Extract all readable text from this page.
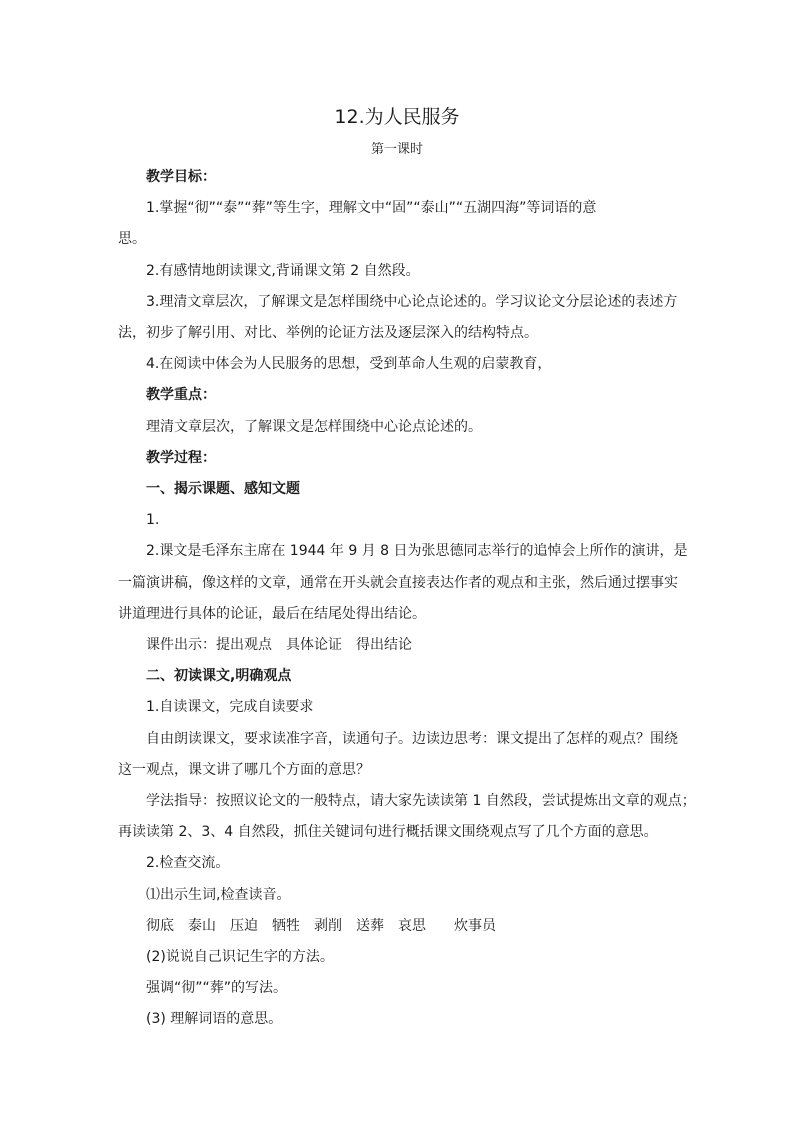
12.为人民服务
第一课时
教学目标：
1.掌握“彻”“泰”“葬”等生字，理解文中“固”“泰山”“五湖四海”等词语的意
思。
2.有感情地朗读课文,背诵课文第 2 自然段。
3.理清文章层次，了解课文是怎样围绕中心论点论述的。学习议论文分层论述的表述方
法，初步了解引用、对比、举例的论证方法及逐层深入的结构特点。
4.在阅读中体会为人民服务的思想，受到革命人生观的启蒙教育，
教学重点：
理清文章层次，了解课文是怎样围绕中心论点论述的。
教学过程：
一、揭示课题、感知文题
1.
2.课文是毛泽东主席在 1944 年 9 月 8 日为张思德同志举行的追悼会上所作的演讲，是
一篇演讲稿，像这样的文章，通常在开头就会直接表达作者的观点和主张，然后通过摆事实
讲道理进行具体的论证，最后在结尾处得出结论。
课件出示：提出观点　具体论证　得出结论
二、初读课文,明确观点
1.自读课文，完成自读要求
自由朗读课文，要求读准字音，读通句子。边读边思考：课文提出了怎样的观点？围绕
这一观点，课文讲了哪几个方面的意思？
学法指导：按照议论文的一般特点，请大家先读读第 1 自然段，尝试提炼出文章的观点；
再读读第 2、3、4 自然段，抓住关键词句进行概括课文围绕观点写了几个方面的意思。
2.检查交流。
⑴出示生词,检查读音。
彻底　泰山　压迫　牺牲　剥削　送葬　哀思　　炊事员
(2)说说自己识记生字的方法。
强调“彻”“葬”的写法。
(3) 理解词语的意思。
